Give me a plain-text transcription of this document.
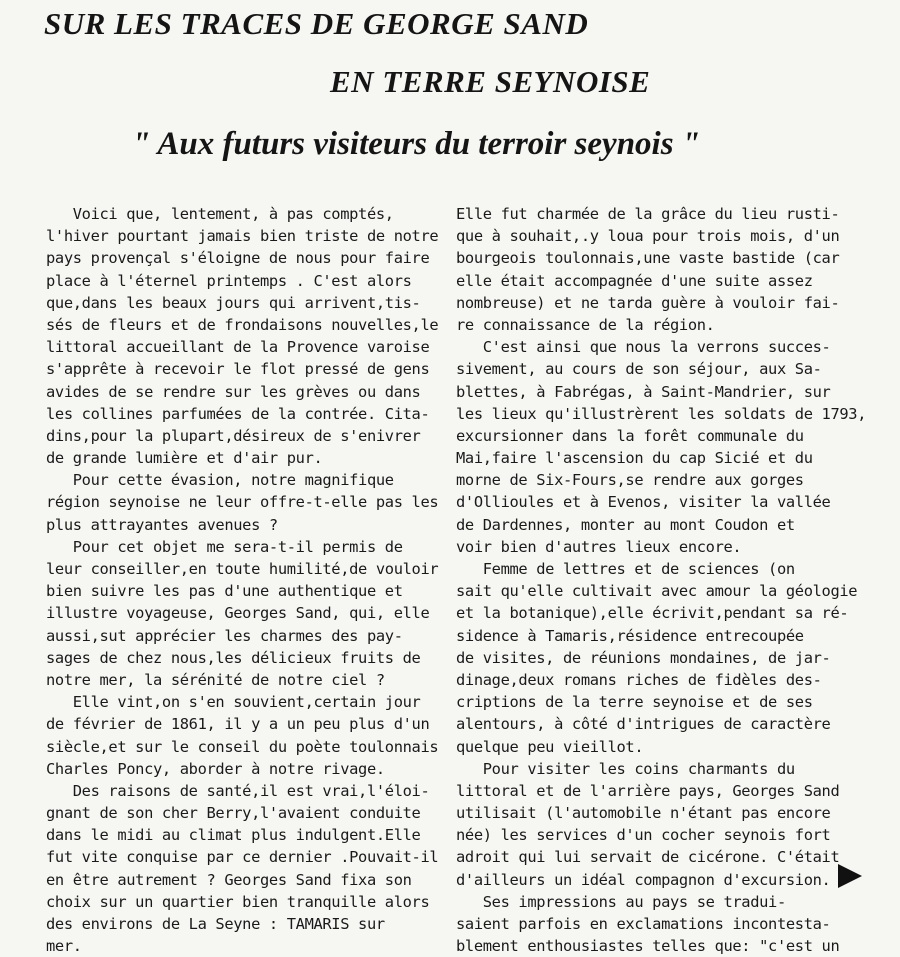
SUR LES TRACES DE GEORGE SAND
EN TERRE SEYNOISE
" Aux futurs visiteurs du terroir seynois "
Voici que, lentement, à pas comptés,
l'hiver pourtant jamais bien triste de notre
pays provençal s'éloigne de nous pour faire
place à l'éternel printemps . C'est alors
que,dans les beaux jours qui arrivent,tis-
sés de fleurs et de frondaisons nouvelles,le
littoral accueillant de la Provence varoise
s'apprête à recevoir le flot pressé de gens
avides de se rendre sur les grèves ou dans
les collines parfumées de la contrée. Cita-
dins,pour la plupart,désireux de s'enivrer
de grande lumière et d'air pur.
Pour cette évasion, notre magnifique
région seynoise ne leur offre-t-elle pas les
plus attrayantes avenues ?
Pour cet objet me sera-t-il permis de
leur conseiller,en toute humilité,de vouloir
bien suivre les pas d'une authentique et
illustre voyageuse, Georges Sand, qui, elle
aussi,sut apprécier les charmes des pay-
sages de chez nous,les délicieux fruits de
notre mer, la sérénité de notre ciel ?
Elle vint,on s'en souvient,certain jour
de février de 1861, il y a un peu plus d'un
siècle,et sur le conseil du poète toulonnais
Charles Poncy, aborder à notre rivage.
Des raisons de santé,il est vrai,l'éloi-
gnant de son cher Berry,l'avaient conduite
dans le midi au climat plus indulgent.Elle
fut vite conquise par ce dernier .Pouvait-il
en être autrement ? Georges Sand fixa son
choix sur un quartier bien tranquille alors
des environs de La Seyne : TAMARIS sur
mer.
Elle fut charmée de la grâce du lieu rusti-
que à souhait,.y loua pour trois mois, d'un
bourgeois toulonnais,une vaste bastide (car
elle était accompagnée d'une suite assez
nombreuse) et ne tarda guère à vouloir fai-
re connaissance de la région.
C'est ainsi que nous la verrons succes-
sivement, au cours de son séjour, aux Sa-
blettes, à Fabrégas, à Saint-Mandrier, sur
les lieux qu'illustrèrent les soldats de 1793,
excursionner dans la forêt communale du
Mai,faire l'ascension du cap Sicié et du
morne de Six-Fours,se rendre aux gorges
d'Ollioules et à Evenos, visiter la vallée
de Dardennes, monter au mont Coudon et
voir bien d'autres lieux encore.
Femme de lettres et de sciences (on
sait qu'elle cultivait avec amour la géologie
et la botanique),elle écrivit,pendant sa ré-
sidence à Tamaris,résidence entrecoupée
de visites, de réunions mondaines, de jar-
dinage,deux romans riches de fidèles des-
criptions de la terre seynoise et de ses
alentours, à côté d'intrigues de caractère
quelque peu vieillot.
Pour visiter les coins charmants du
littoral et de l'arrière pays, Georges Sand
utilisait (l'automobile n'étant pas encore
née) les services d'un cocher seynois fort
adroit qui lui servait de cicérone. C'était
d'ailleurs un idéal compagnon d'excursion.
Ses impressions au pays se tradui-
saient parfois en exclamations incontesta-
blement enthousiastes telles que: "c'est un
